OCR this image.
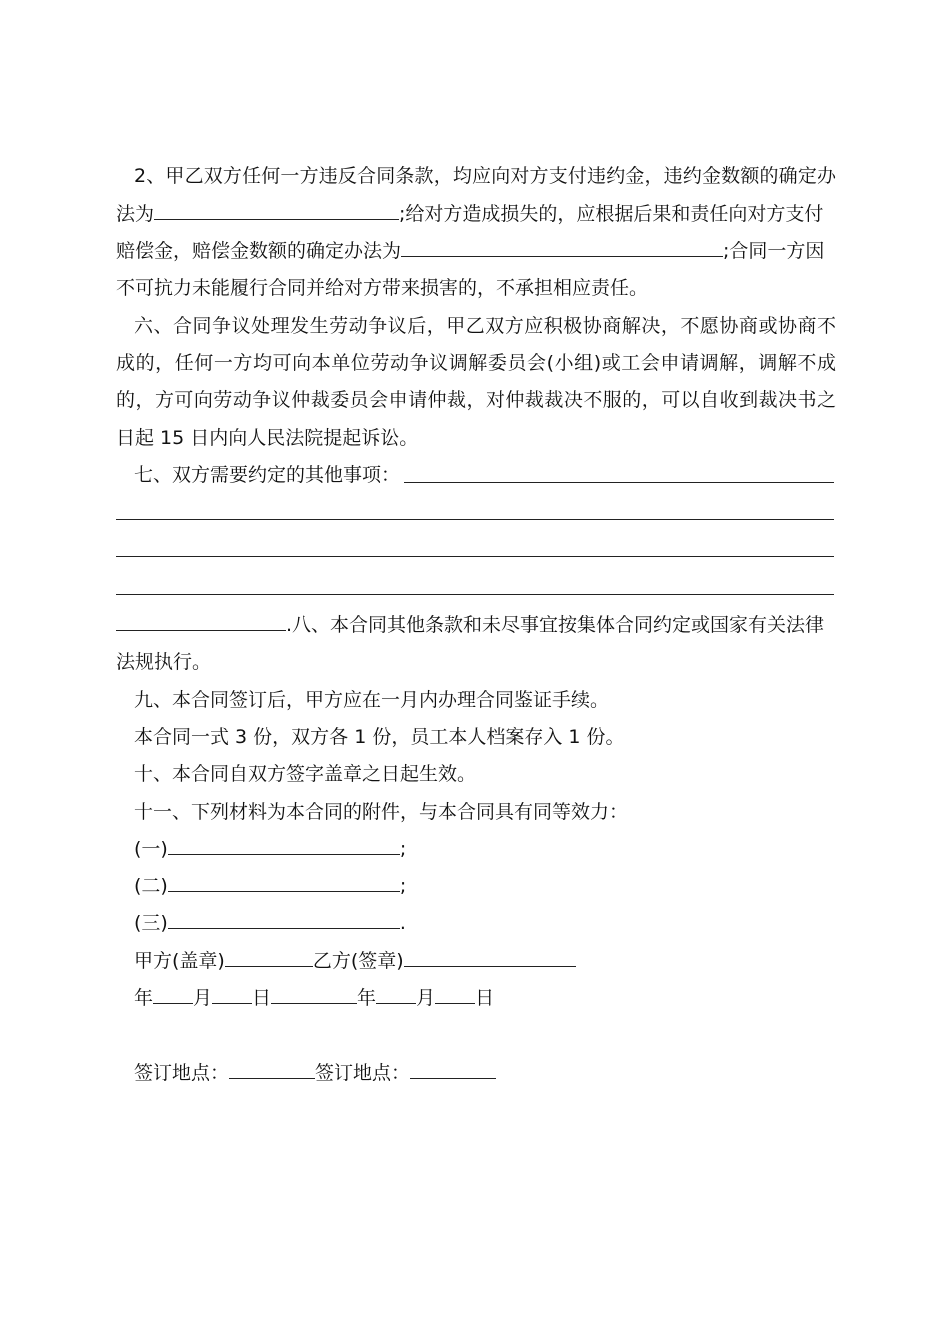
2、甲乙双方任何一方违反合同条款，均应向对方支付违约金，违约金数额的确定办
法为	;给对方造成损失的，应根据后果和责任向对方支付
赔偿金，赔偿金数额的确定办法为	;合同一方因
不可抗力未能履行合同并给对方带来损害的，不承担相应责任。
六、合同争议处理发生劳动争议后，甲乙双方应积极协商解决，不愿协商或协商不
成的，任何一方均可向本单位劳动争议调解委员会(小组)或工会申请调解，调解不成
的，方可向劳动争议仲裁委员会申请仲裁，对仲裁裁决不服的，可以自收到裁决书之
日起 15 日内向人民法院提起诉讼。
七、双方需要约定的其他事项：
.八、本合同其他条款和未尽事宜按集体合同约定或国家有关法律
法规执行。
九、本合同签订后，甲方应在一月内办理合同鉴证手续。
本合同一式 3 份，双方各 1 份，员工本人档案存入 1 份。
十、本合同自双方签字盖章之日起生效。
十一、下列材料为本合同的附件，与本合同具有同等效力：
(一)	;
(二)	;
(三)	.
甲方(盖章)	乙方(签章)
年 月 日	年 月 日
签订地点：	签订地点：
